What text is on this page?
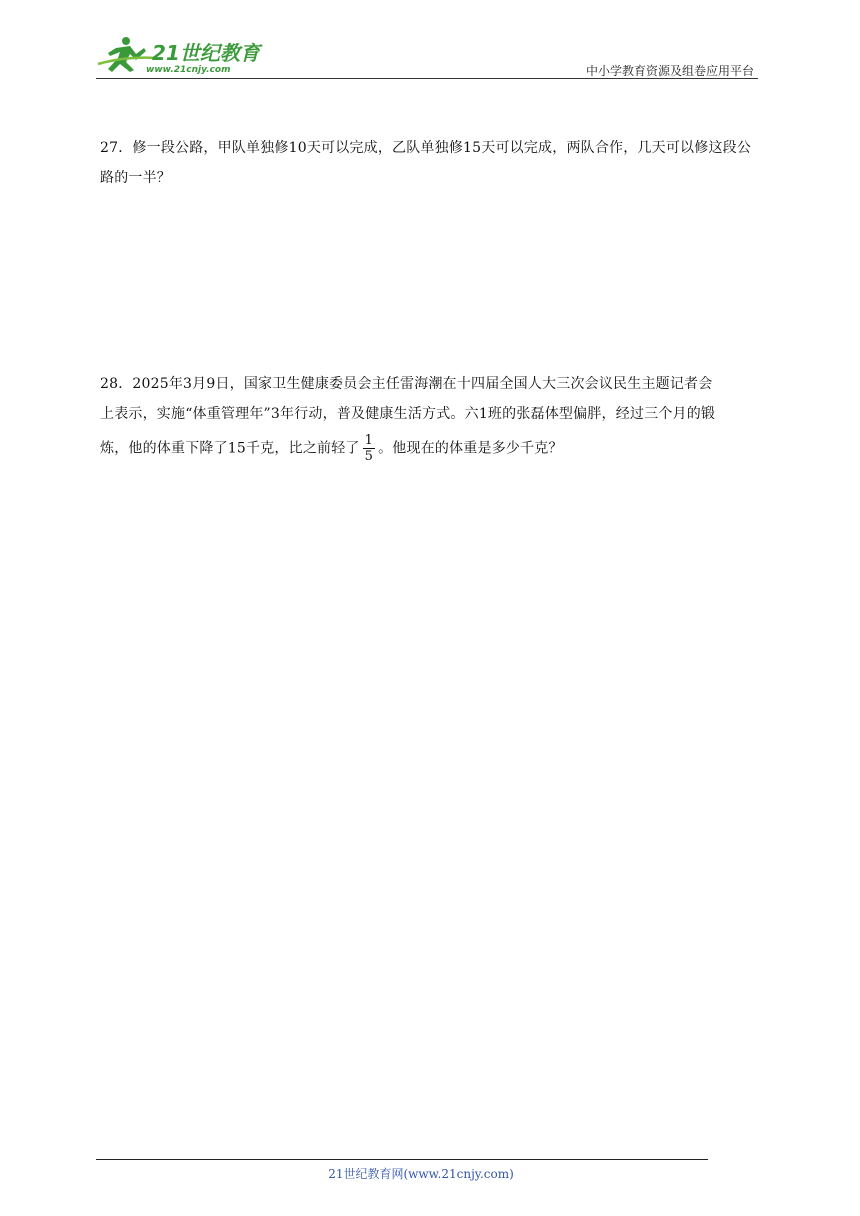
21世纪教育
www.21cnjy.com	中小学教育资源及组卷应用平台
27．修一段公路，甲队单独修10天可以完成，乙队单独修15天可以完成，两队合作，几天可以修这段公路的一半？
28．2025年3月9日，国家卫生健康委员会主任雷海潮在十四届全国人大三次会议民生主题记者会
上表示，实施“体重管理年”3年行动，普及健康生活方式。六1班的张磊体型偏胖，经过三个月的锻
炼，他的体重下降了15千克，比之前轻了 $\frac{1}{5}$ 。他现在的体重是多少千克？
21世纪教育网(www.21cnjy.com)
